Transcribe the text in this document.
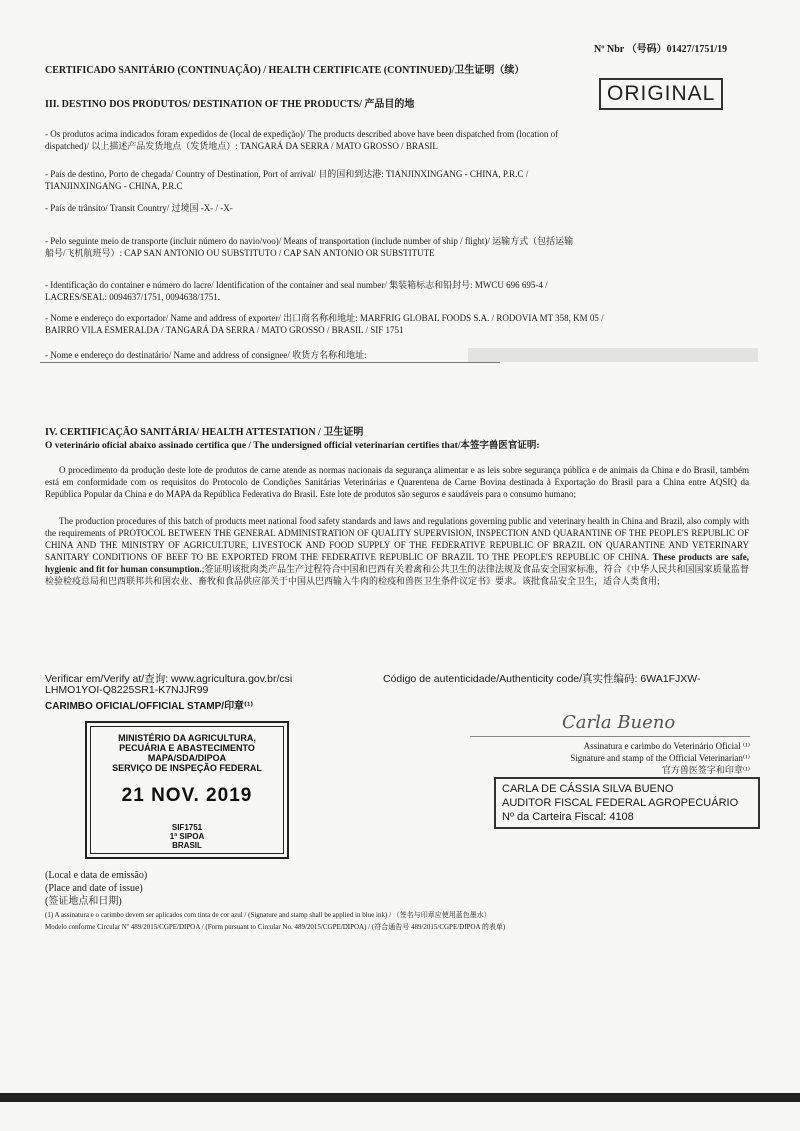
Nº Nbr （号码）01427/1751/19
CERTIFICADO SANITÁRIO (CONTINUAÇÃO) / HEALTH CERTIFICATE (CONTINUED)/卫生证明（续）
ORIGINAL
III. DESTINO DOS PRODUTOS/ DESTINATION OF THE PRODUCTS/ 产品目的地
- Os produtos acima indicados foram expedidos de (local de expedição)/ The products described above have been dispatched from (location of
dispatched)/ 以上描述产品发货地点（发货地点）: TANGARÁ DA SERRA / MATO GROSSO / BRASIL
- País de destino, Porto de chegada/ Country of Destination, Port of arrival/ 目的国和到达港: TIANJINXINGANG - CHINA, P.R.C /
TIANJINXINGANG - CHINA, P.R.C
- País de trânsito/ Transit Country/ 过境国 -X- / -X-
- Pelo seguinte meio de transporte (incluir número do navio/voo)/ Means of transportation (include number of ship / flight)/ 运输方式（包括运输
船号/飞机航班号）: CAP SAN ANTONIO OU SUBSTITUTO / CAP SAN ANTONIO OR SUBSTITUTE
- Identificação do container e número do lacre/ Identification of the container and seal number/ 集装箱标志和铅封号: MWCU 696 695-4 /
LACRES/SEAL: 0094637/1751, 0094638/1751.
- Nome e endereço do exportador/ Name and address of exporter/ 出口商名称和地址: MARFRIG GLOBAL FOODS S.A. / RODOVIA MT 358, KM 05 /
BAIRRO VILA ESMERALDA / TANGARÁ DA SERRA / MATO GROSSO / BRASIL / SIF 1751
- Nome e endereço do destinatário/ Name and address of consignee/ 收货方名称和地址:
IV. CERTIFICAÇÃO SANITÁRIA/ HEALTH ATTESTATION / 卫生证明
O veterinário oficial abaixo assinado certifica que / The undersigned official veterinarian certifies that/本签字兽医官证明:
O procedimento da produção deste lote de produtos de carne atende as normas nacionais da segurança alimentar e as leis sobre segurança pública e de animais da China e do Brasil, também está em conformidade com os requisitos do Protocolo de Condições Sanitárias Veterinárias e Quarentena de Carne Bovina destinada à Exportação do Brasil para a China entre AQSIQ da República Popular da China e do MAPA da República Federativa do Brasil. Este lote de produtos são seguros e saudáveis para o consumo humano;
The production procedures of this batch of products meet national food safety standards and laws and regulations governing public and veterinary health in China and Brazil, also comply with the requirements of PROTOCOL BETWEEN THE GENERAL ADMINISTRATION OF QUALITY SUPERVISION, INSPECTION AND QUARANTINE OF THE PEOPLE'S REPUBLIC OF CHINA AND THE MINISTRY OF AGRICULTURE, LIVESTOCK AND FOOD SUPPLY OF THE FEDERATIVE REPUBLIC OF BRAZIL ON QUARANTINE AND VETERINARY SANITARY CONDITIONS OF BEEF TO BE EXPORTED FROM THE FEDERATIVE REPUBLIC OF BRAZIL TO THE PEOPLE'S REPUBLIC OF CHINA. These products are safe, hygienic and fit for human consumption.;签证明该批肉类产品生产过程符合中国和巴西有关着禽和公共卫生的法律法规及食品安全国家标准，符合《中华人民共和国国家质量监督检验检疫总局和巴西联邦共和国农业、畜牧和食品供应部关于中国从巴西输入牛肉的检疫和兽医卫生条件议定书》要求。该批食品安全卫生，适合人类食用;
Verificar em/Verify at/查询: www.agricultura.gov.br/csi
LHMO1YOI-Q8225SR1-K7NJJR99
Código de autenticidade/Authenticity code/真实性编码: 6WA1FJXW-
CARIMBO OFICIAL/OFFICIAL STAMP/印章⁽¹⁾
MINISTÉRIO DA AGRICULTURA,
PECUÁRIA E ABASTECIMENTO
MAPA/SDA/DIPOA
SERVIÇO DE INSPEÇÃO FEDERAL
21 NOV. 2019
SIF1751
1ª SIPOA
BRASIL
Carla Bueno
Assinatura e carimbo do Veterinário Oficial ⁽¹⁾
Signature and stamp of the Official Veterinarian⁽¹⁾
官方兽医签字和印章⁽¹⁾
CARLA DE CÁSSIA SILVA BUENO
AUDITOR FISCAL FEDERAL AGROPECUÁRIO
Nº da Carteira Fiscal: 4108
(Local e data de emissão)
(Place and date of issue)
(签证地点和日期)
(1) A assinatura e o carimbo devem ser aplicados com tinta de cor azul / (Signature and stamp shall be applied in blue ink) / （签名与印章应使用蓝色墨水）
Modelo conforme Circular Nº 489/2015/CGPE/DIPOA / (Form pursuant to Circular No. 489/2015/CGPE/DIPOA) / (符合通告号 489/2015/CGPE/DIPOA 的表单)
